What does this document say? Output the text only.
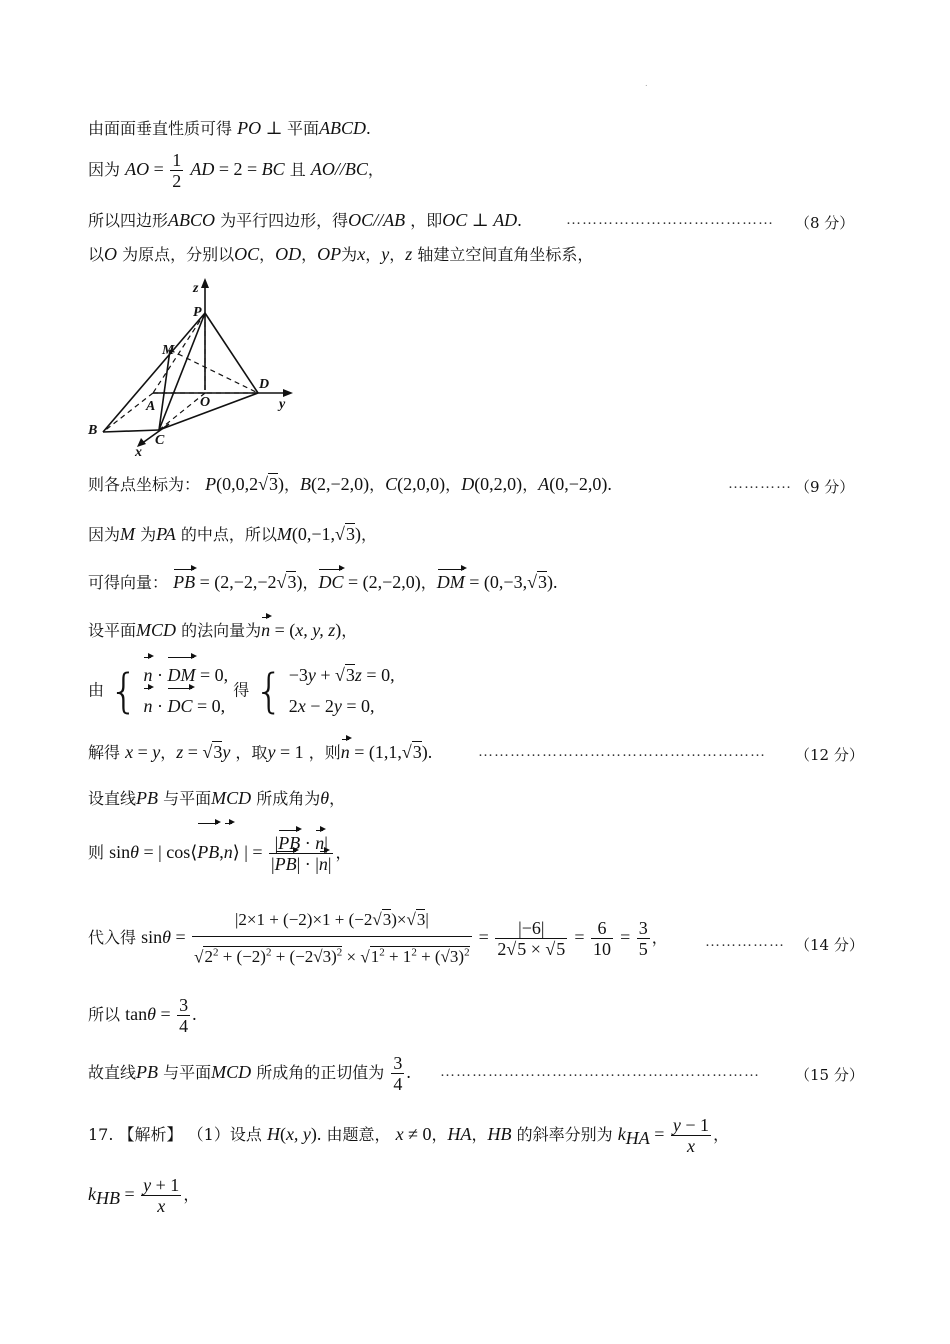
.
由面面垂直性质可得 PO ⊥ 平面ABCD.
因为 AO = $\frac{1}{2}$ AD = 2 = BC 且 AO//BC，
所以四边形ABCO 为平行四边形，得OC//AB ，即OC ⊥ AD.	………………………………… （8 分）
以O 为原点，分别以OC，OD，OP为x，y，z 轴建立空间直角坐标系，
z
P
M
A	O
D
y
B
C
x
则各点坐标为： P(0,0,2√3)，B(2,−2,0)，C(2,0,0)，D(0,2,0)，A(0,−2,0).	………… （9 分）
因为M 为PA 的中点，所以M(0,−1,√3)，
可得向量： PB = (2,−2,−2√3)，DC = (2,−2,0)，DM = (0,−3,√3).
设平面MCD 的法向量为n = (x, y, z)，
由 { n · DM = 0,
n · DC = 0,
得 { −3y + √3z = 0,
2x − 2y = 0,
解得 x = y，z = √3y ，取y = 1 ，则n = (1,1,√3).	……………………………………………… （12 分）
设直线PB 与平面MCD 所成角为θ，
则 sinθ = | cos⟨PB,n⟩ | = $\frac{|PB \cdot n|}{|PB| \cdot |n|}$ ，
代入得 $\sin\theta = \frac{|2\times 1 + (-2)\times 1 + (-2√3)\times√3|}{√2^2 + (-2)^2 + (-2√3)^2 \times √1^2 + 1^2 + (√3)^2} = \frac{|-6|}{2√5 \times √5} = \frac{6}{10} = \frac{3}{5}$ ， …………… （14 分）
所以 $\tan\theta = \frac{3}{4}$ .
故直线PB 与平面MCD 所成角的正切值为 $\frac{3}{4}$ . …………………………………………………… （15 分）
17. 【解析】 （1）设点 H(x, y). 由题意， x ≠ 0，HA，HB 的斜率分别为 $k_{HA} = \frac{y - 1}{x}$ ，
$k_{HB} = \frac{y + 1}{x}$ ，
